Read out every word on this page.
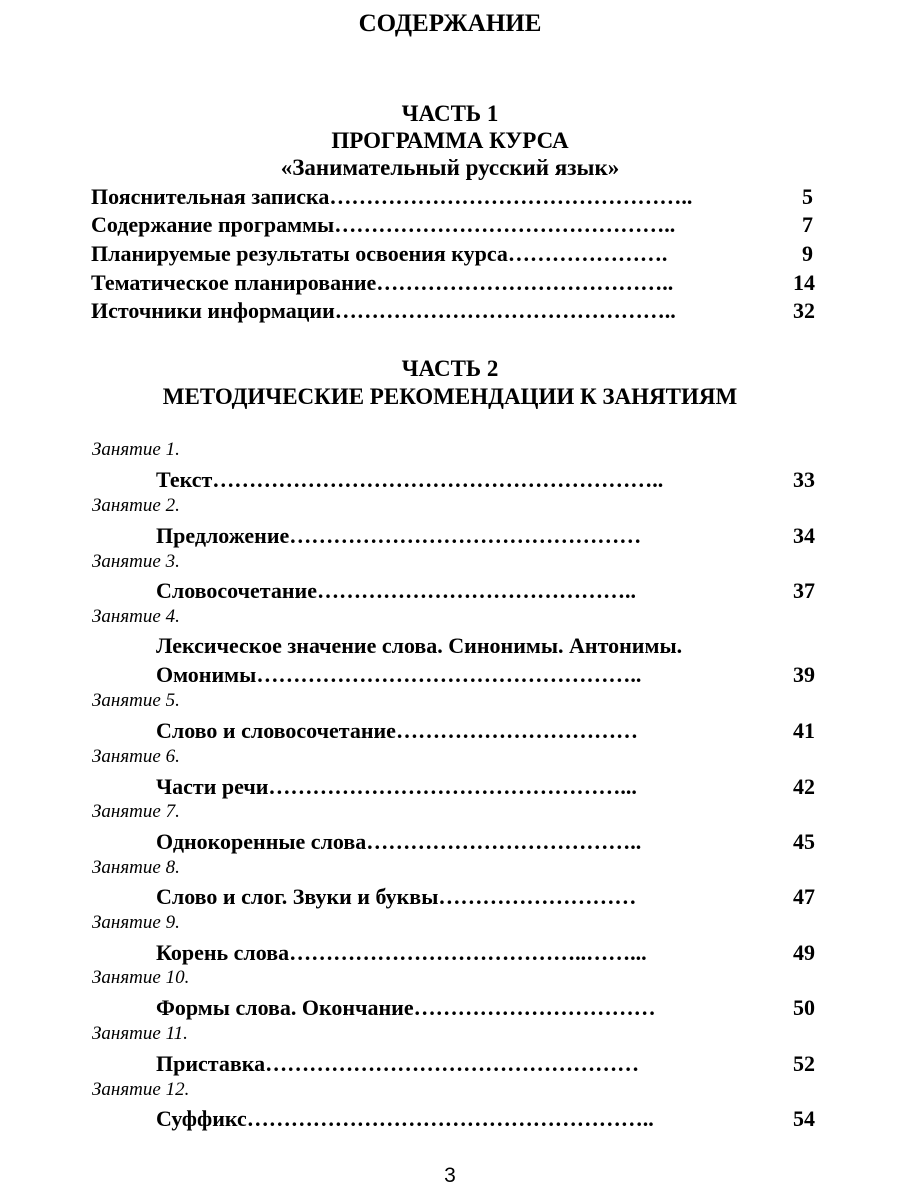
СОДЕРЖАНИЕ
ЧАСТЬ 1
ПРОГРАММА КУРСА
«Занимательный русский язык»
Пояснительная записка…………………………………………..	5
Содержание программы………………………………………..	7
Планируемые результаты освоения курса………………….	9
Тематическое планирование…………………………………..	14
Источники информации………………………………………..	32
ЧАСТЬ 2
МЕТОДИЧЕСКИЕ РЕКОМЕНДАЦИИ К ЗАНЯТИЯМ
Занятие 1.
Текст……………………………………………………..	33
Занятие 2.
Предложение…………………………………………	34
Занятие 3.
Словосочетание……………………………………..	37
Занятие 4.
Лексическое значение слова. Синонимы. Антонимы.
Омонимы……………………………………………..	39
Занятие 5.
Слово и словосочетание……………………………	41
Занятие 6.
Части речи…………………………………………...	42
Занятие 7.
Однокоренные слова………………………………..	45
Занятие 8.
Слово и слог. Звуки и буквы………………………	47
Занятие 9.
Корень слова…………………………………..……...	49
Занятие 10.
Формы слова. Окончание……………………………	50
Занятие 11.
Приставка……………………………………………	52
Занятие 12.
Суффикс………………………………………………..	54
3
